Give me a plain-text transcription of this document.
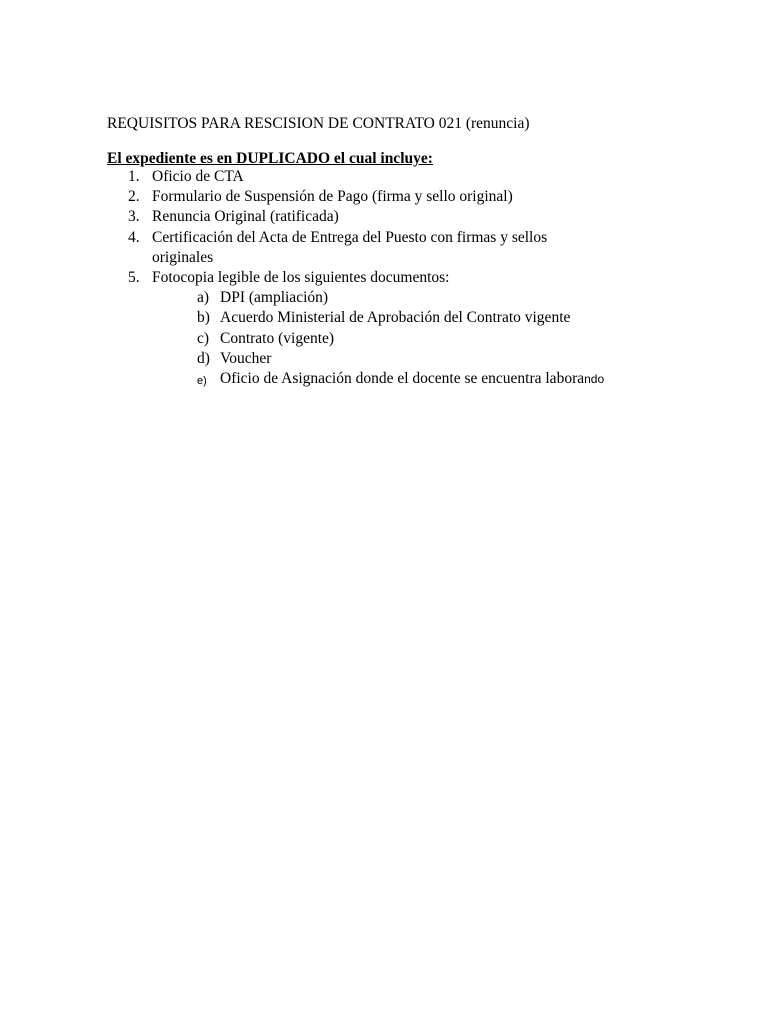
REQUISITOS PARA RESCISION DE CONTRATO 021 (renuncia)
El expediente es en DUPLICADO el cual incluye:
1. Oficio de CTA
2. Formulario de Suspensión de Pago (firma y sello original)
3. Renuncia Original (ratificada)
4. Certificación del Acta de Entrega del Puesto con firmas y sellos
originales
5. Fotocopia legible de los siguientes documentos:
a) DPI (ampliación)
b) Acuerdo Ministerial de Aprobación del Contrato vigente
c) Contrato (vigente)
d) Voucher
e) Oficio de Asignación donde el docente se encuentra laborando
